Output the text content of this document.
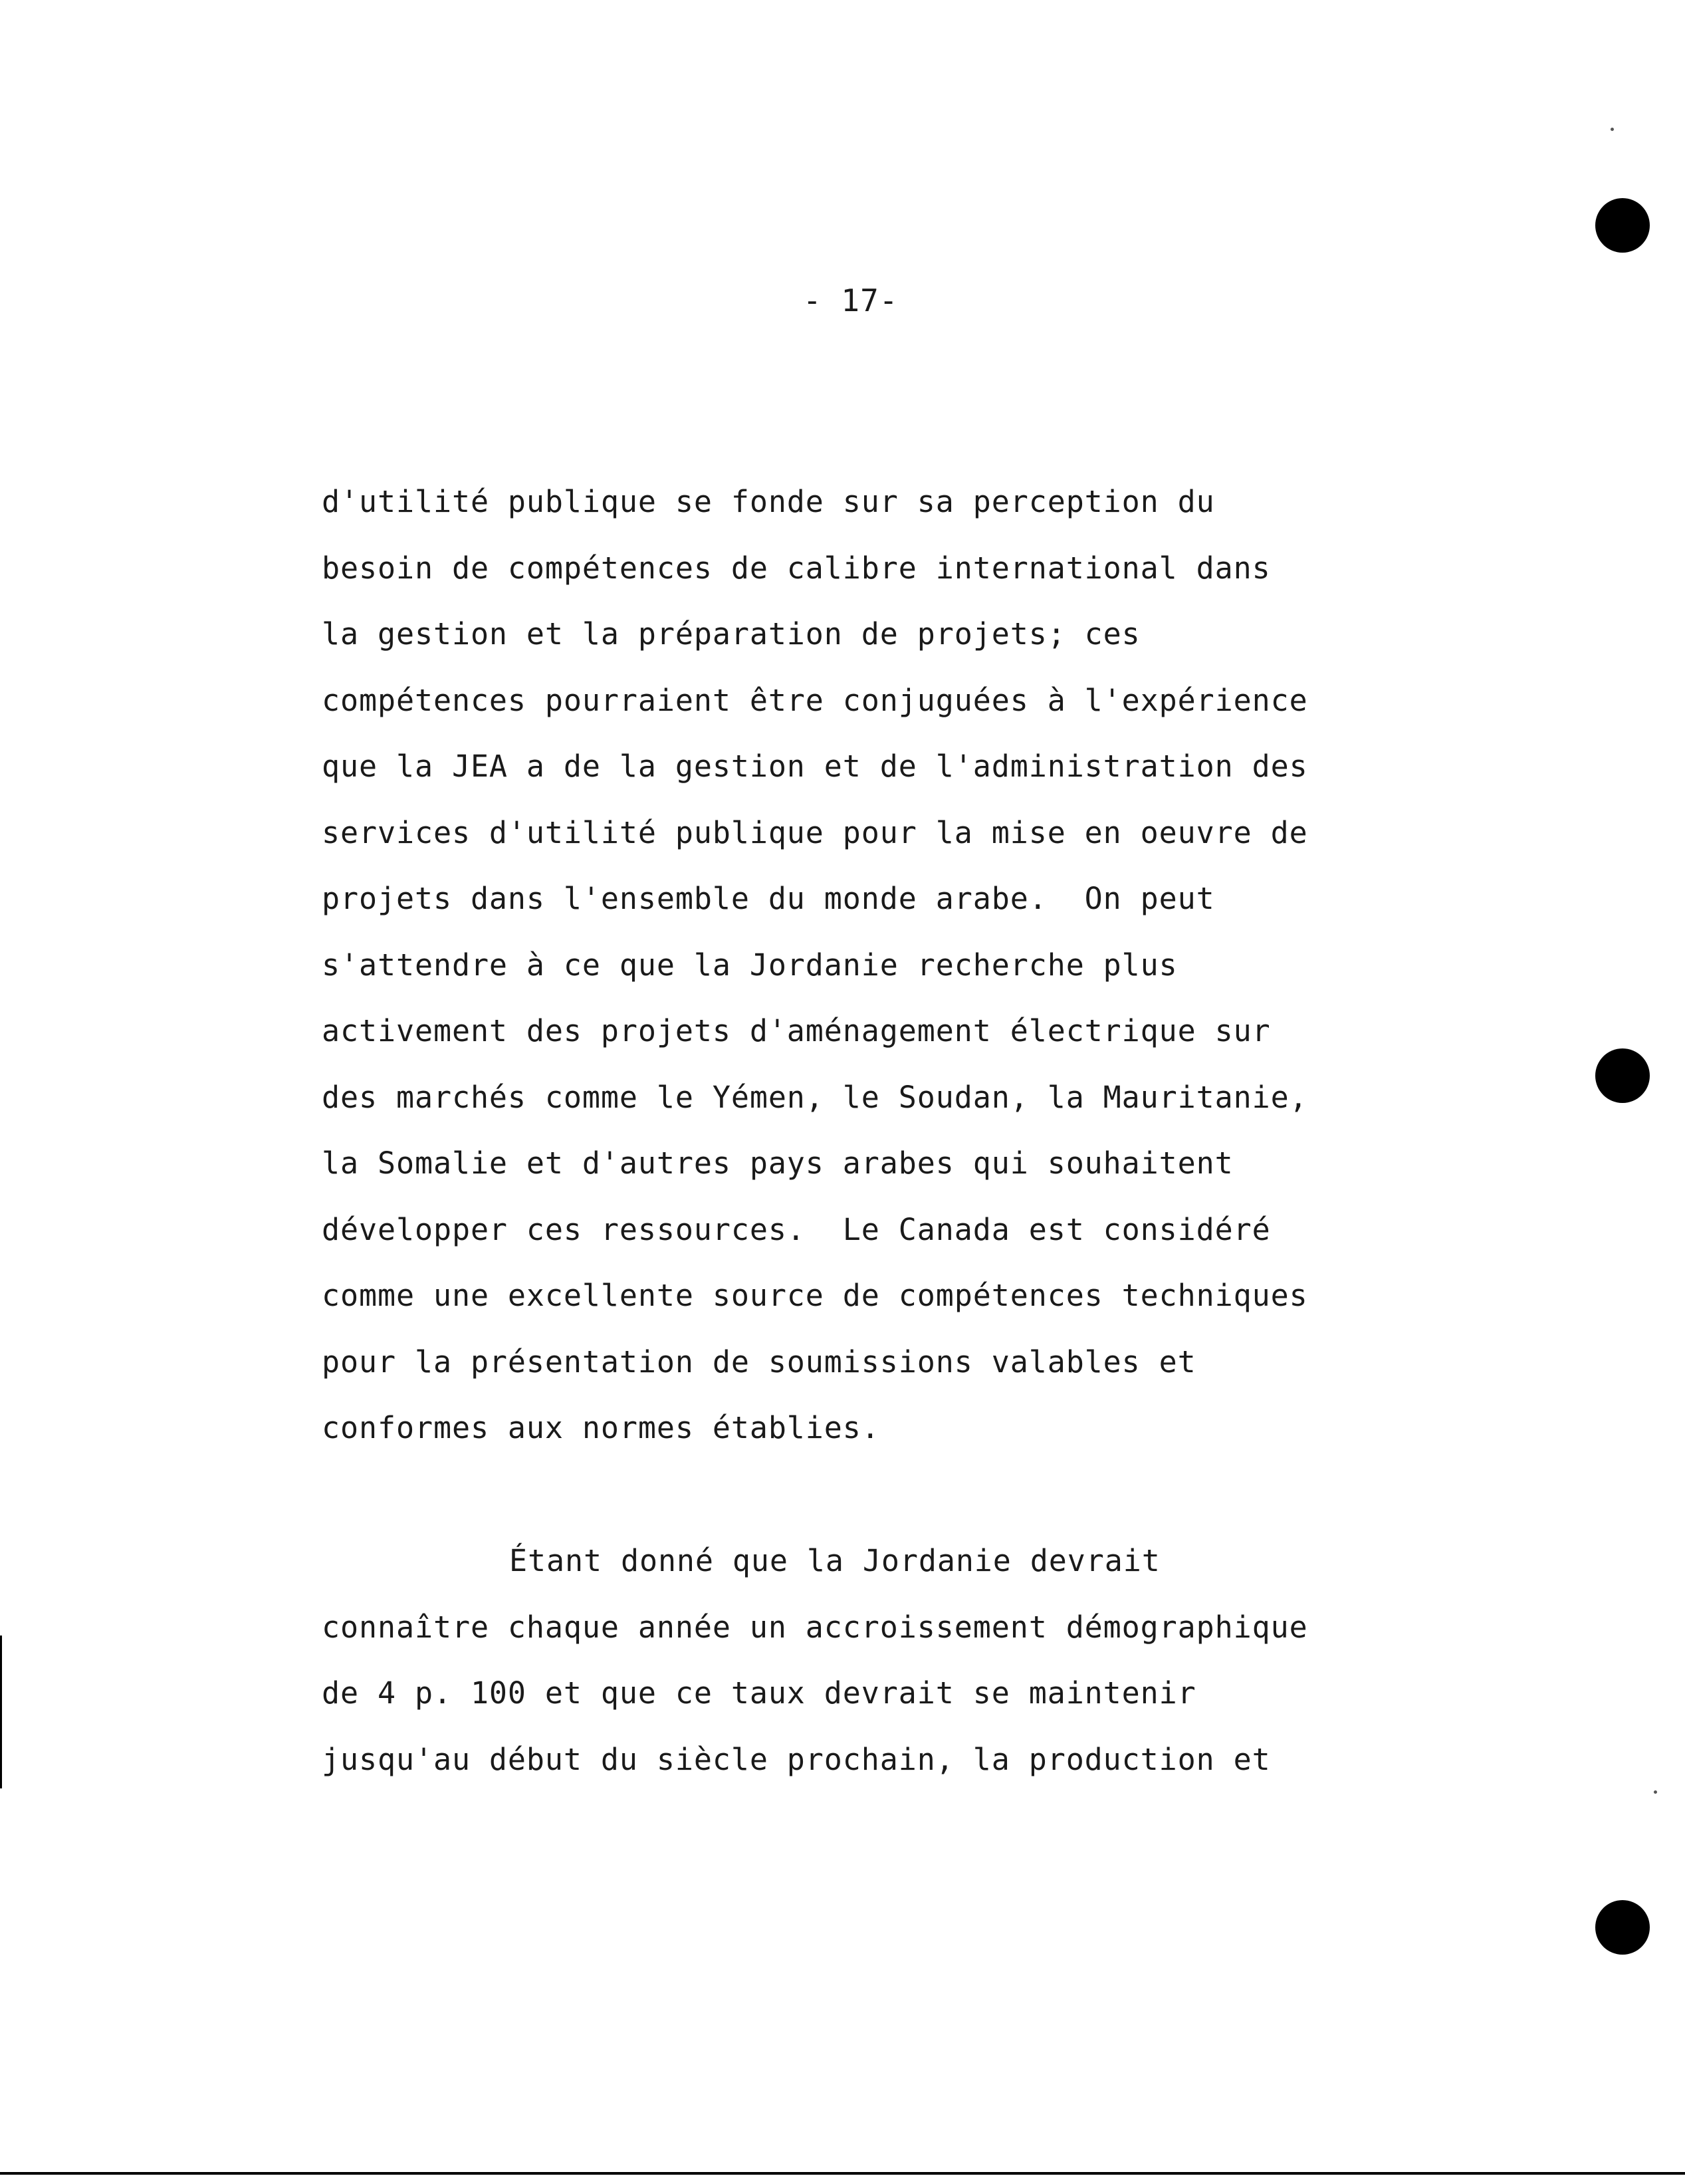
- 17-
d'utilité publique se fonde sur sa perception du
besoin de compétences de calibre international dans
la gestion et la préparation de projets; ces
compétences pourraient être conjuguées à l'expérience
que la JEA a de la gestion et de l'administration des
services d'utilité publique pour la mise en oeuvre de
projets dans l'ensemble du monde arabe.  On peut
s'attendre à ce que la Jordanie recherche plus
activement des projets d'aménagement électrique sur
des marchés comme le Yémen, le Soudan, la Mauritanie,
la Somalie et d'autres pays arabes qui souhaitent
développer ces ressources.  Le Canada est considéré
comme une excellente source de compétences techniques
pour la présentation de soumissions valables et
conformes aux normes établies.
Étant donné que la Jordanie devrait
connaître chaque année un accroissement démographique
de 4 p. 100 et que ce taux devrait se maintenir
jusqu'au début du siècle prochain, la production et
